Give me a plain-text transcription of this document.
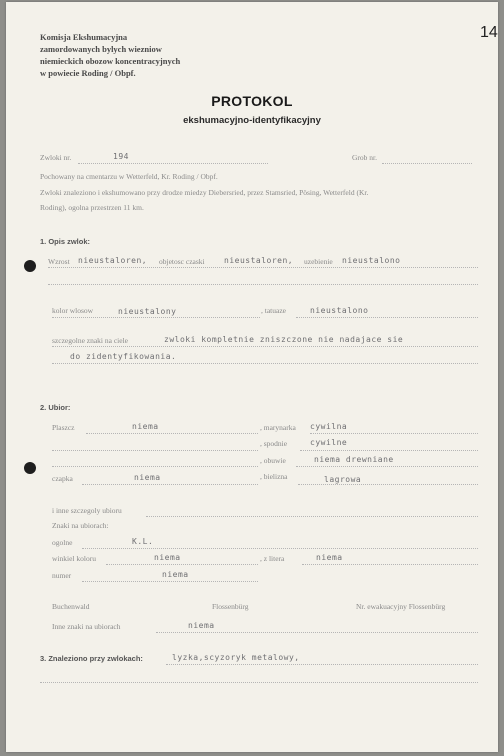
14
Komisja Ekshumacyjna
zamordowanych bylych wiezniow
niemieckich obozow koncentracyjnych
w powiecie Roding / Obpf.
PROTOKOL
ekshumacyjno-identyfikacyjny
Zwloki nr.	194	Grob nr.
Pochowany na cmentarzu w Wetterfeld, Kr. Roding / Obpf.
Zwloki znaleziono i ekshumowano przy drodze miedzy Diebersried, przez Stamsried, Pösing, Wetterfeld (Kr.
Roding), ogolna przestrzen 11 km.
1. Opis zwlok:
Wzrost nieustaloren, objetosc czaski nieustaloren, uzebienie nieustalono
kolor wlosow	nieustalony	, tatuaze	nieustalono
szczegolne znaki na ciele	zwloki kompletnie zniszczone nie nadajace sie
do zidentyfikowania.
2. Ubior:
Plaszcz	niema	, marynarka cywilna
, spodnie	cywilne
, obuwie	niema drewniane
czapka	niema	, bielizna	lagrowa
i inne szczegoly ubioru
Znaki na ubiorach:
ogolne	K.L.
winkiel koloru	niema	, z litera	niema
numer	niema
Buchenwald	Flossenbürg	Nr. ewakuacyjny Flossenbürg
Inne znaki na ubiorach	niema
3. Znaleziono przy zwlokach:	lyzka,scyzoryk metalowy,
